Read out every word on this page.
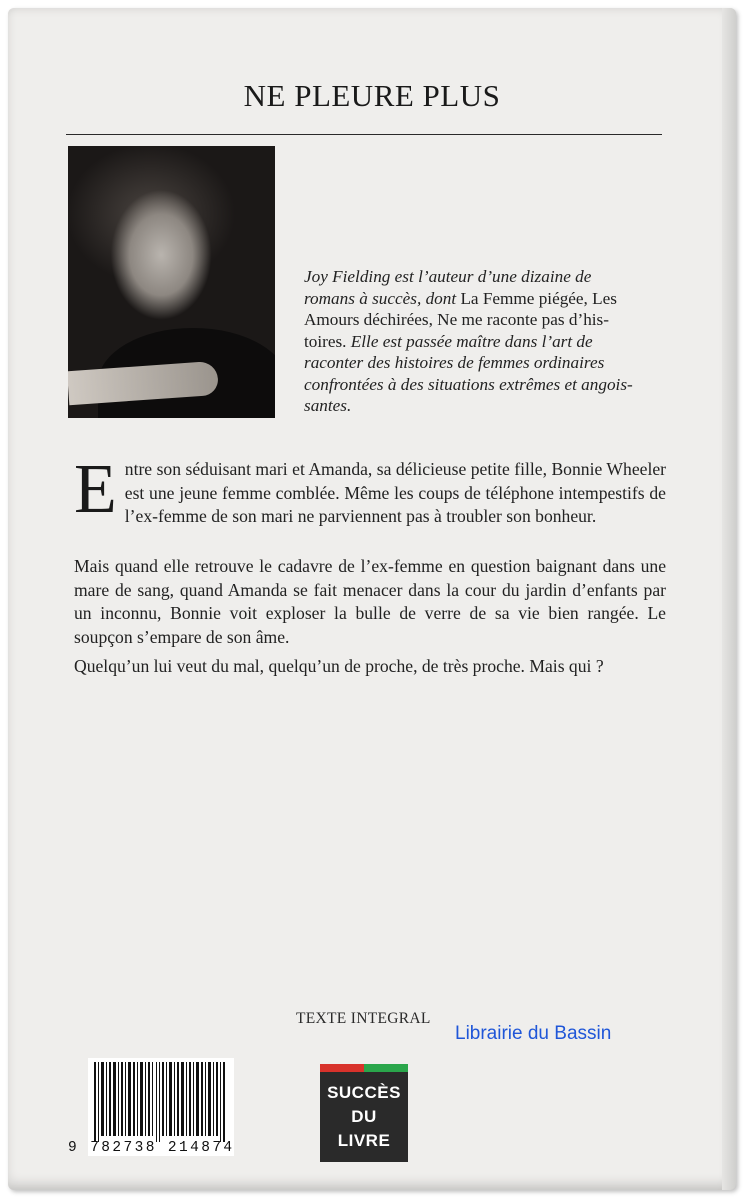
NE PLEURE PLUS
Joy Fielding est l’auteur d’une dizaine de
romans à succès, dont La Femme piégée, Les
Amours déchirées, Ne me raconte pas d’his-
toires. Elle est passée maître dans l’art de
raconter des histoires de femmes ordinaires
confrontées à des situations extrêmes et angois-
santes.
Entre son séduisant mari et Amanda, sa délicieuse petite fille, Bonnie Wheeler est une jeune femme comblée. Même les coups de téléphone intempestifs de l’ex-femme de son mari ne parviennent pas à troubler son bonheur.
Mais quand elle retrouve le cadavre de l’ex-femme en question baignant dans une mare de sang, quand Amanda se fait menacer dans la cour du jardin d’enfants par un inconnu, Bonnie voit exploser la bulle de verre de sa vie bien rangée. Le soupçon s’empare de son âme.
Quelqu’un lui veut du mal, quelqu’un de proche, de très proche. Mais qui ?
TEXTE INTEGRAL
Librairie du Bassin
9 782738 214874
SUCCÈS
DU
LIVRE
